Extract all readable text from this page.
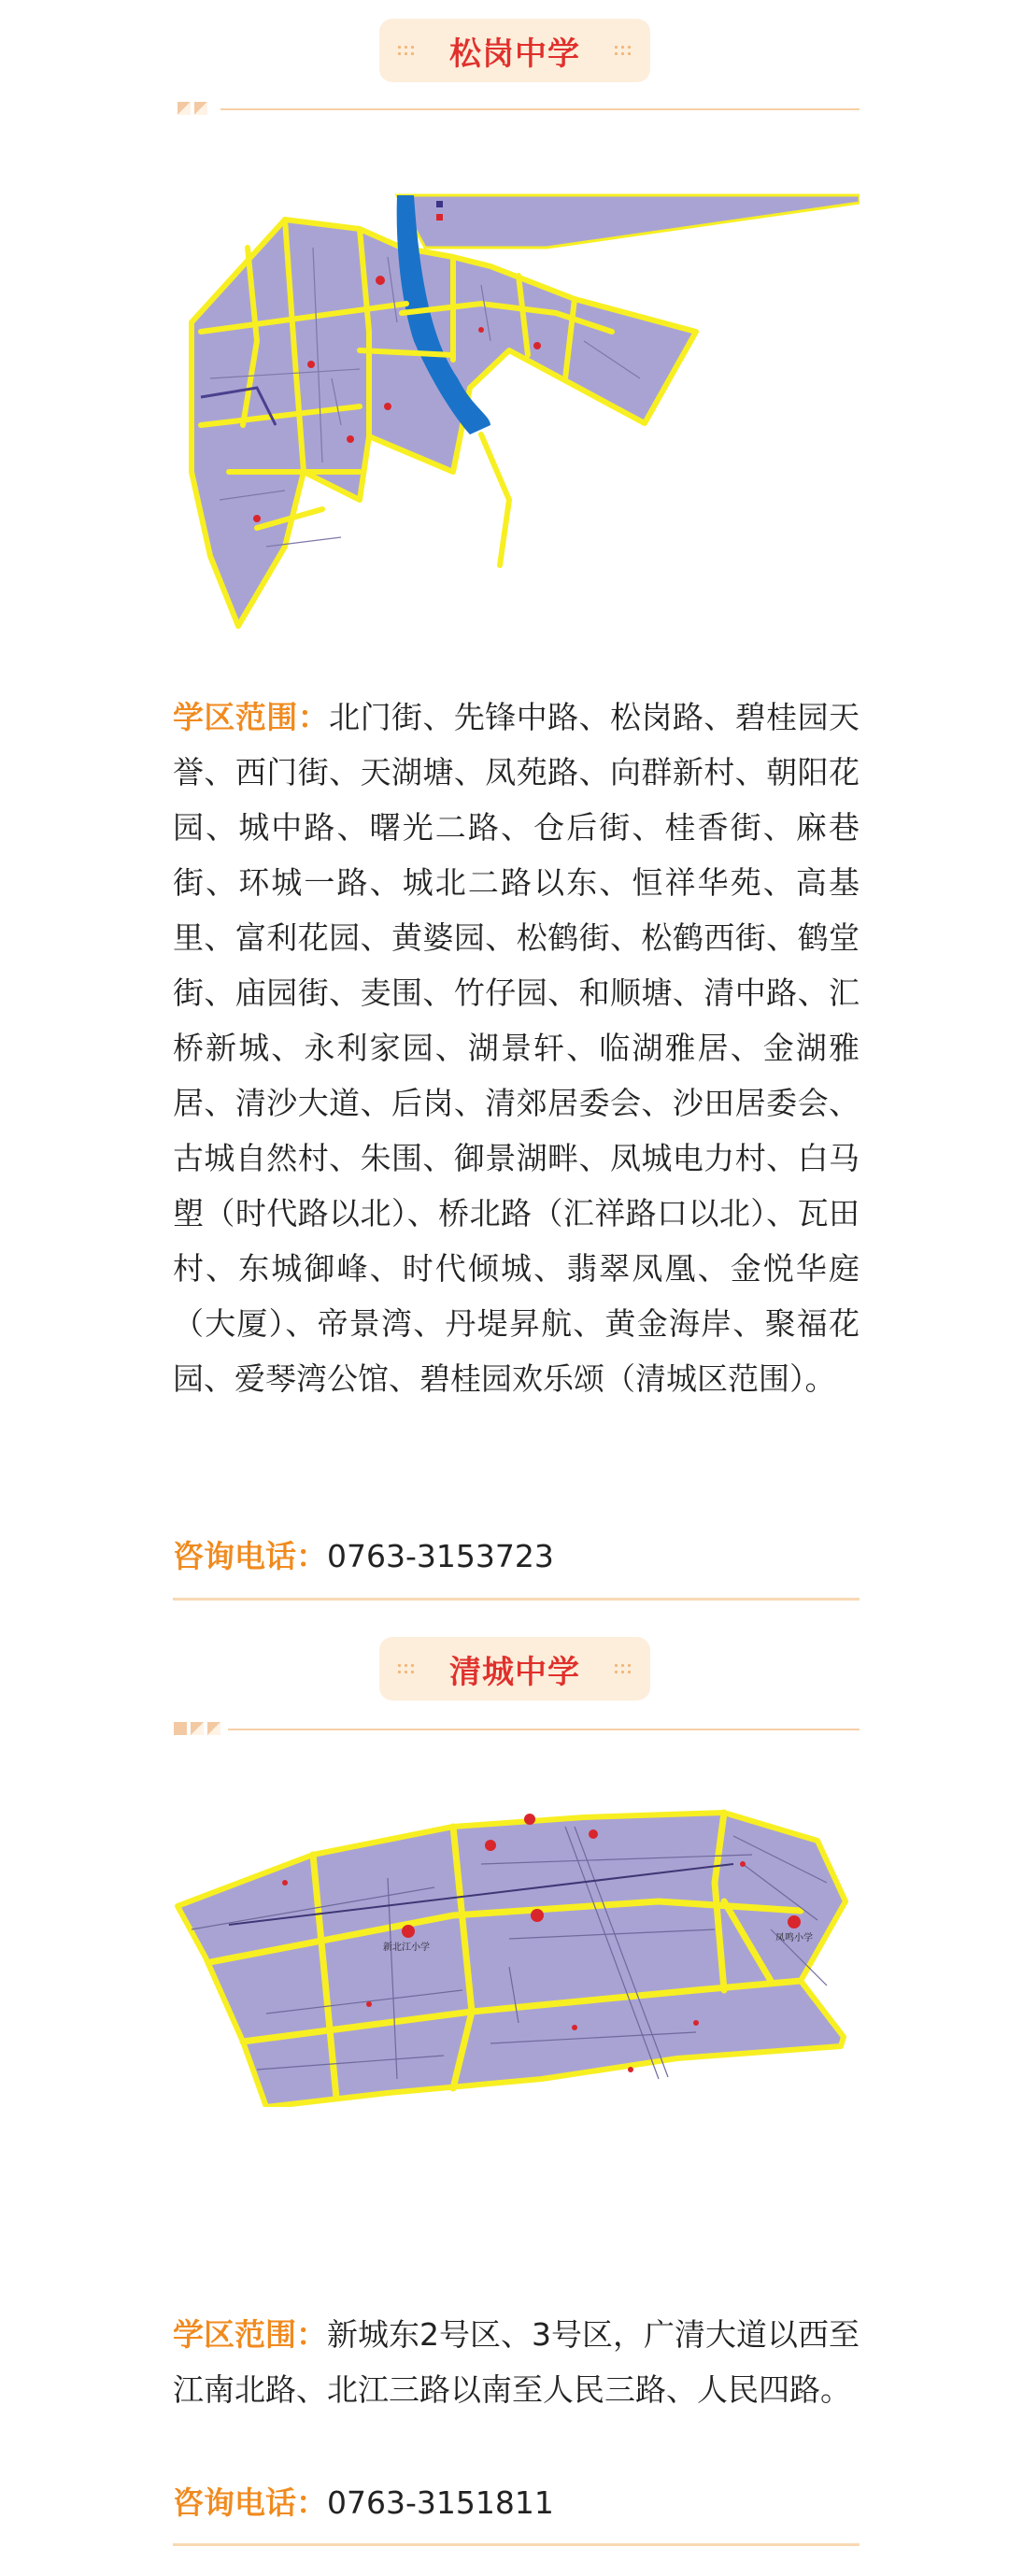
松岗中学
学区范围：北门街、先锋中路、松岗路、碧桂园天誉、西门街、天湖塘、凤苑路、向群新村、朝阳花园、城中路、曙光二路、仓后街、桂香街、麻巷街、环城一路、城北二路以东、恒祥华苑、高基里、富利花园、黄婆园、松鹤街、松鹤西街、鹤堂街、庙园街、麦围、竹仔园、和顺塘、清中路、汇桥新城、永利家园、湖景轩、临湖雅居、金湖雅居、清沙大道、后岗、清郊居委会、沙田居委会、古城自然村、朱围、御景湖畔、凤城电力村、白马塱（时代路以北）、桥北路（汇祥路口以北）、瓦田村、东城御峰、时代倾城、翡翠凤凰、金悦华庭（大厦）、帝景湾、丹堤昇航、黄金海岸、聚福花园、爱琴湾公馆、碧桂园欢乐颂（清城区范围）。
咨询电话：0763-3153723
清城中学
新北江小学
凤鸣小学
学区范围：新城东2号区、3号区，广清大道以西至江南北路、北江三路以南至人民三路、人民四路。
咨询电话：0763-3151811
